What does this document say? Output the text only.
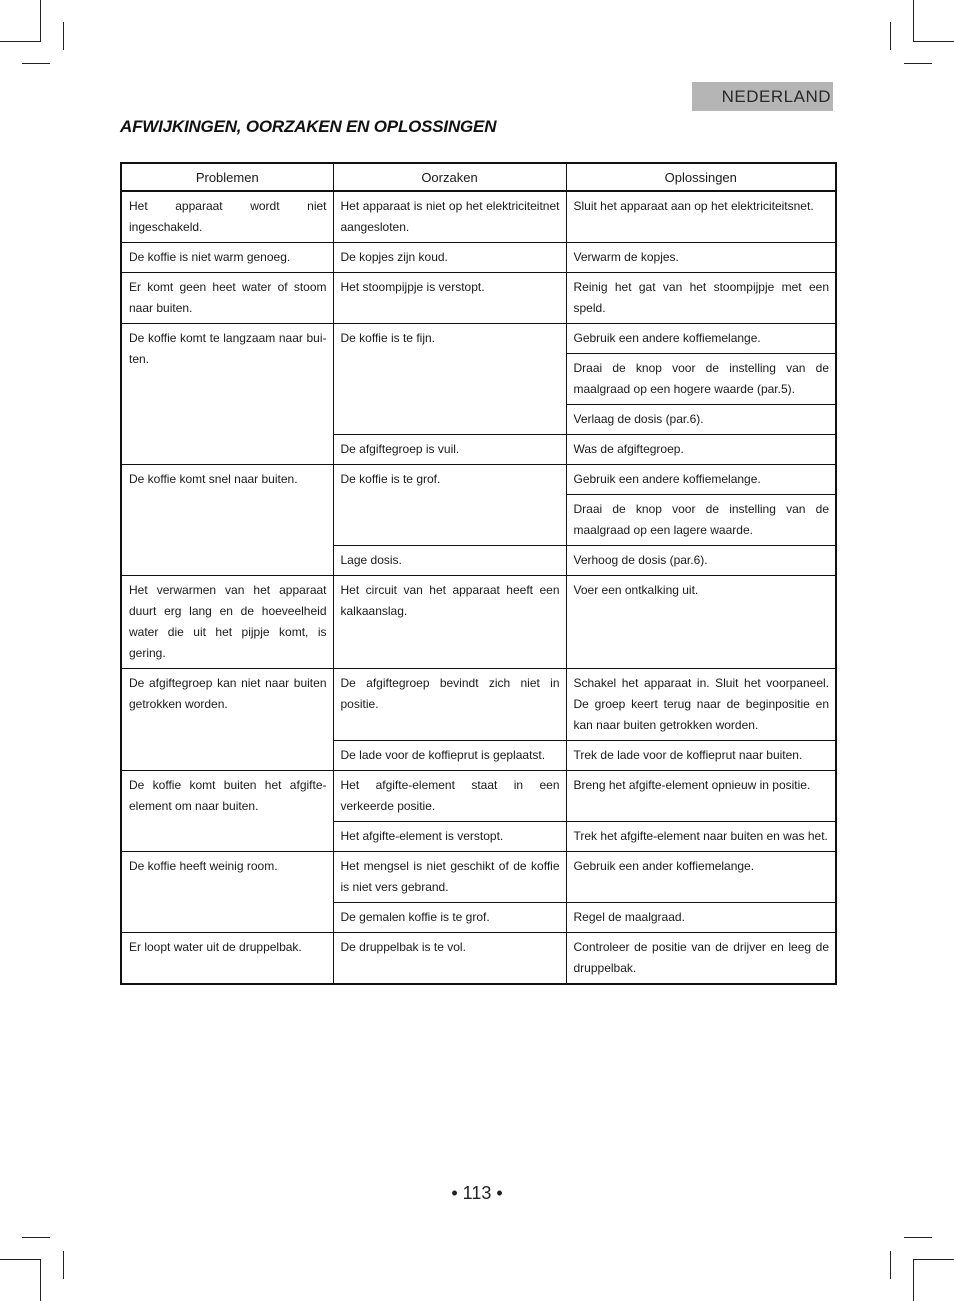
NEDERLAND
AFWIJKINGEN, OORZAKEN EN OPLOSSINGEN
Problemen	Oorzaken	Oplossingen
Het apparaat wordt niet ingeschakeld.	Het apparaat is niet op het elektriciteitnet aangesloten.	Sluit het apparaat aan op het elektriciteitsnet.
De koffie is niet warm genoeg.	De kopjes zijn koud.	Verwarm de kopjes.
Er komt geen heet water of stoom naar buiten.	Het stoompijpje is verstopt.	Reinig het gat van het stoompijpje met een speld.
De koffie komt te langzaam naar bui-ten.	De koffie is te fijn.	Gebruik een andere koffiemelange.
		Draai de knop voor de instelling van de maalgraad op een hogere waarde (par.5).
		Verlaag de dosis (par.6).
	De afgiftegroep is vuil.	Was de afgiftegroep.
De koffie komt snel naar buiten.	De koffie is te grof.	Gebruik een andere koffiemelange.
		Draai de knop voor de instelling van de maalgraad op een lagere waarde.
	Lage dosis.	Verhoog de dosis (par.6).
Het verwarmen van het apparaat duurt erg lang en de hoeveelheid water die uit het pijpje komt, is gering.	Het circuit van het apparaat heeft een kalkaanslag.	Voer een ontkalking uit.
De afgiftegroep kan niet naar buiten getrokken worden.	De afgiftegroep bevindt zich niet in positie.	Schakel het apparaat in. Sluit het voorpaneel. De groep keert terug naar de beginpositie en kan naar buiten getrokken worden.
	De lade voor de koffieprut is geplaatst.	Trek de lade voor de koffieprut naar buiten.
De koffie komt buiten het afgifte-element om naar buiten.	Het afgifte-element staat in een verkeerde positie.	Breng het afgifte-element opnieuw in positie.
	Het afgifte-element is verstopt.	Trek het afgifte-element naar buiten en was het.
De koffie heeft weinig room.	Het mengsel is niet geschikt of de koffie is niet vers gebrand.	Gebruik een ander koffiemelange.
	De gemalen koffie is te grof.	Regel de maalgraad.
Er loopt water uit de druppelbak.	De druppelbak is te vol.	Controleer de positie van de drijver en leeg de druppelbak.
• 113 •
